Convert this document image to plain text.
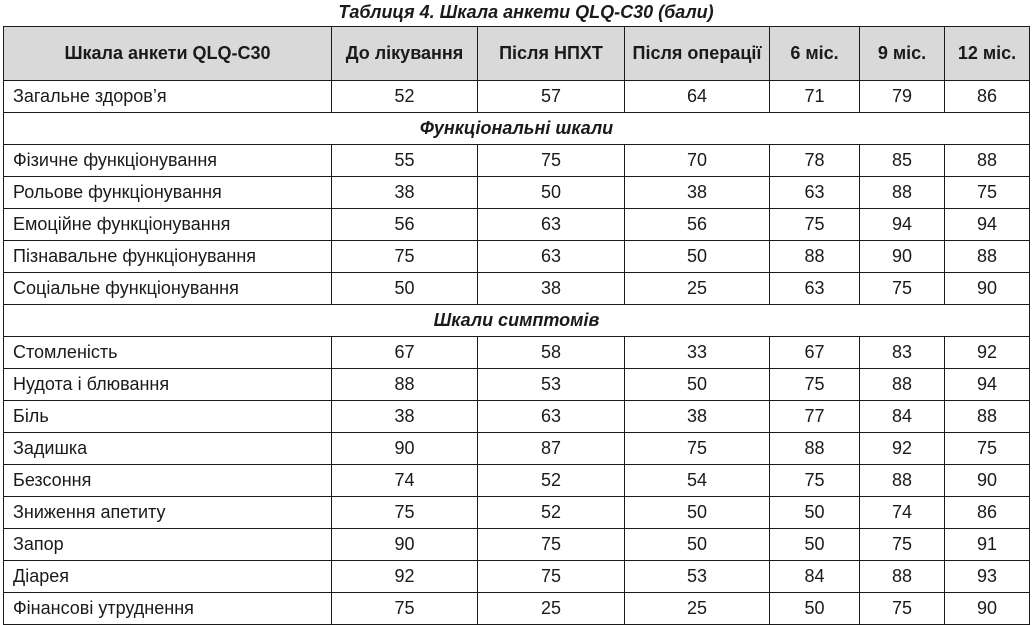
Таблиця 4. Шкала анкети QLQ-C30 (бали)
Шкала анкети QLQ-C30	До лікування	Після НПХТ	Після операції	6 міс.	9 міс.	12 міс.
Загальне здоров’я	52	57	64	71	79	86
Функціональні шкали						
Фізичне функціонування	55	75	70	78	85	88
Рольове функціонування	38	50	38	63	88	75
Емоційне функціонування	56	63	56	75	94	94
Пізнавальне функціонування	75	63	50	88	90	88
Соціальне функціонування	50	38	25	63	75	90
Шкали симптомів						
Стомленість	67	58	33	67	83	92
Нудота і блювання	88	53	50	75	88	94
Біль	38	63	38	77	84	88
Задишка	90	87	75	88	92	75
Безсоння	74	52	54	75	88	90
Зниження апетиту	75	52	50	50	74	86
Запор	90	75	50	50	75	91
Діарея	92	75	53	84	88	93
Фінансові утруднення	75	25	25	50	75	90
